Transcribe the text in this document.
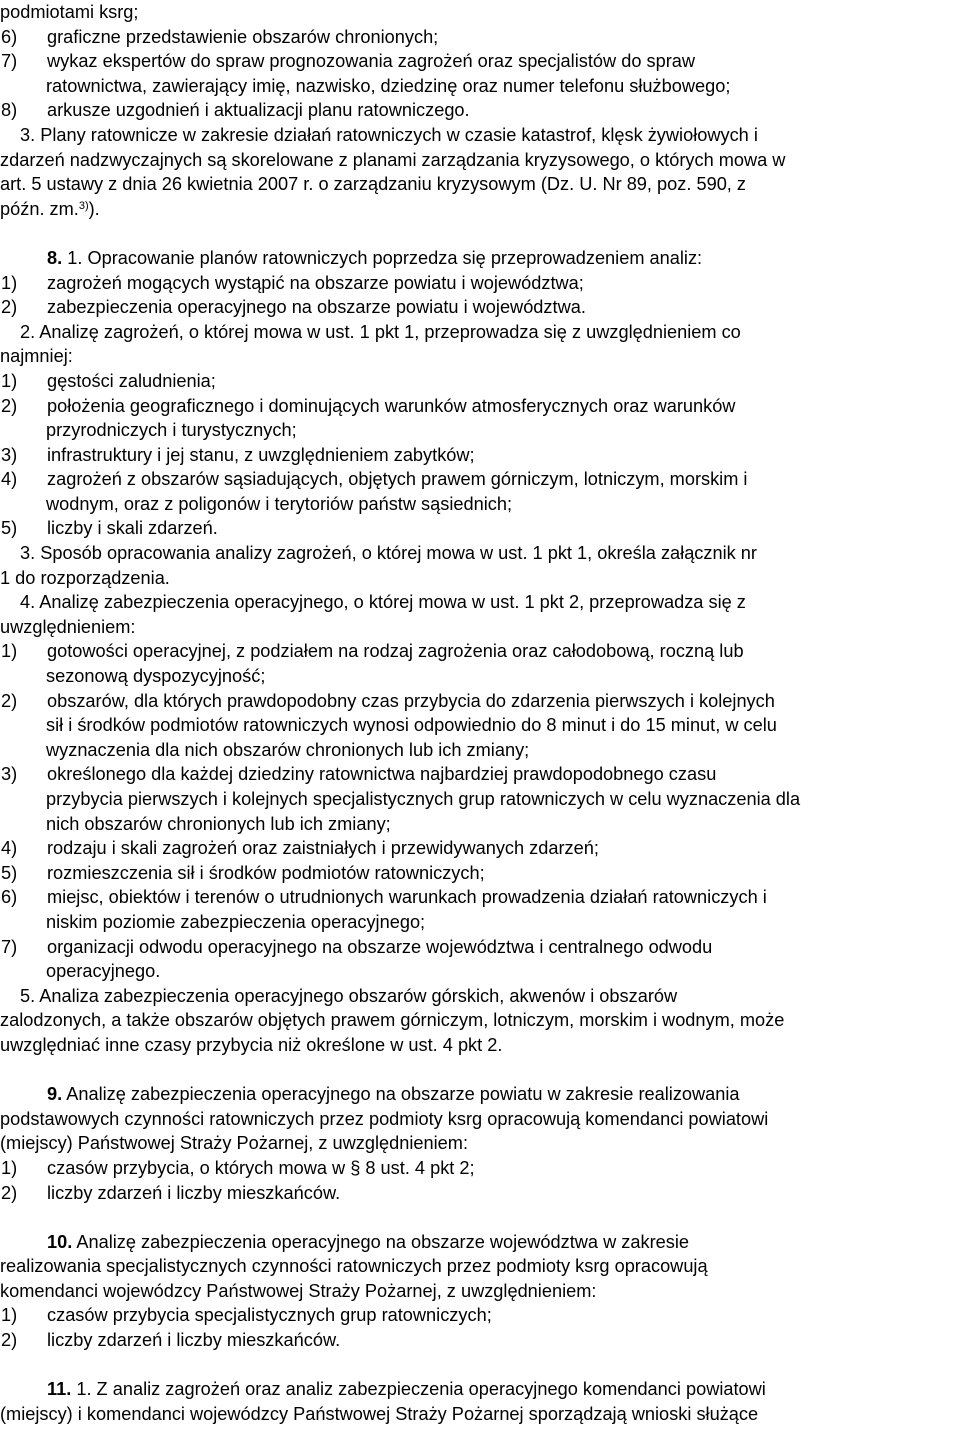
podmiotami ksrg;
6)	graficzne przedstawienie obszarów chronionych;
7)	wykaz ekspertów do spraw prognozowania zagrożeń oraz specjalistów do spraw
ratownictwa, zawierający imię, nazwisko, dziedzinę oraz numer telefonu służbowego;
8)	arkusze uzgodnień i aktualizacji planu ratowniczego.
3. Plany ratownicze w zakresie działań ratowniczych w czasie katastrof, klęsk żywiołowych i
zdarzeń nadzwyczajnych są skorelowane z planami zarządzania kryzysowego, o których mowa w
art. 5 ustawy z dnia 26 kwietnia 2007 r. o zarządzaniu kryzysowym (Dz. U. Nr 89, poz. 590, z
późn. zm.$^{3)}$).
8. 1. Opracowanie planów ratowniczych poprzedza się przeprowadzeniem analiz:
1)	zagrożeń mogących wystąpić na obszarze powiatu i województwa;
2)	zabezpieczenia operacyjnego na obszarze powiatu i województwa.
2. Analizę zagrożeń, o której mowa w ust. 1 pkt 1, przeprowadza się z uwzględnieniem co
najmniej:
1)	gęstości zaludnienia;
2)	położenia geograficznego i dominujących warunków atmosferycznych oraz warunków
przyrodniczych i turystycznych;
3)	infrastruktury i jej stanu, z uwzględnieniem zabytków;
4)	zagrożeń z obszarów sąsiadujących, objętych prawem górniczym, lotniczym, morskim i
wodnym, oraz z poligonów i terytoriów państw sąsiednich;
5)	liczby i skali zdarzeń.
3. Sposób opracowania analizy zagrożeń, o której mowa w ust. 1 pkt 1, określa załącznik nr
1 do rozporządzenia.
4. Analizę zabezpieczenia operacyjnego, o której mowa w ust. 1 pkt 2, przeprowadza się z
uwzględnieniem:
1)	gotowości operacyjnej, z podziałem na rodzaj zagrożenia oraz całodobową, roczną lub
sezonową dyspozycyjność;
2)	obszarów, dla których prawdopodobny czas przybycia do zdarzenia pierwszych i kolejnych
sił i środków podmiotów ratowniczych wynosi odpowiednio do 8 minut i do 15 minut, w celu
wyznaczenia dla nich obszarów chronionych lub ich zmiany;
3)	określonego dla każdej dziedziny ratownictwa najbardziej prawdopodobnego czasu
przybycia pierwszych i kolejnych specjalistycznych grup ratowniczych w celu wyznaczenia dla
nich obszarów chronionych lub ich zmiany;
4)	rodzaju i skali zagrożeń oraz zaistniałych i przewidywanych zdarzeń;
5)	rozmieszczenia sił i środków podmiotów ratowniczych;
6)	miejsc, obiektów i terenów o utrudnionych warunkach prowadzenia działań ratowniczych i
niskim poziomie zabezpieczenia operacyjnego;
7)	organizacji odwodu operacyjnego na obszarze województwa i centralnego odwodu
operacyjnego.
5. Analiza zabezpieczenia operacyjnego obszarów górskich, akwenów i obszarów
zalodzonych, a także obszarów objętych prawem górniczym, lotniczym, morskim i wodnym, może
uwzględniać inne czasy przybycia niż określone w ust. 4 pkt 2.
9. Analizę zabezpieczenia operacyjnego na obszarze powiatu w zakresie realizowania
podstawowych czynności ratowniczych przez podmioty ksrg opracowują komendanci powiatowi
(miejscy) Państwowej Straży Pożarnej, z uwzględnieniem:
1)	czasów przybycia, o których mowa w § 8 ust. 4 pkt 2;
2)	liczby zdarzeń i liczby mieszkańców.
10. Analizę zabezpieczenia operacyjnego na obszarze województwa w zakresie
realizowania specjalistycznych czynności ratowniczych przez podmioty ksrg opracowują
komendanci wojewódzcy Państwowej Straży Pożarnej, z uwzględnieniem:
1)	czasów przybycia specjalistycznych grup ratowniczych;
2)	liczby zdarzeń i liczby mieszkańców.
11. 1. Z analiz zagrożeń oraz analiz zabezpieczenia operacyjnego komendanci powiatowi
(miejscy) i komendanci wojewódzcy Państwowej Straży Pożarnej sporządzają wnioski służące
